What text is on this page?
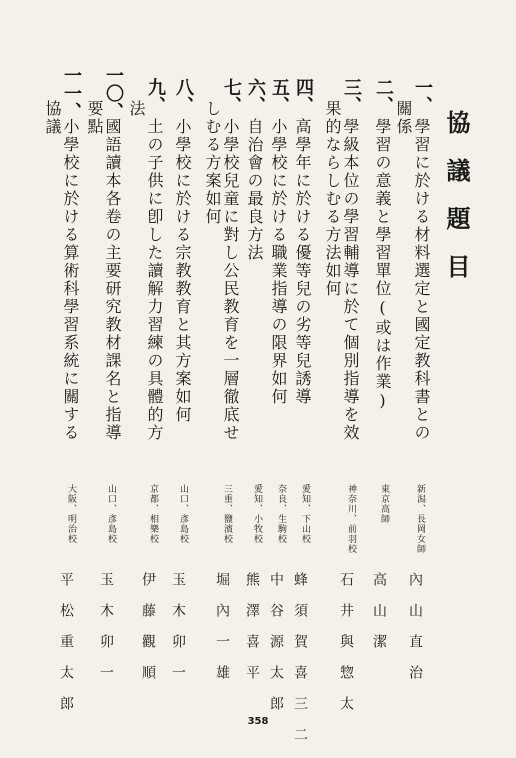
協議題目
一、
學習に於ける材料選定と國定教科書との
關係
二、
學習の意義と學習單位(或は作業)
三、
學級本位の學習輔導に於て個別指導を效
果的ならしむる方法如何
四、
高學年に於ける優等兒の劣等兒誘導
五、
小學校に於ける職業指導の限界如何
六、
自治會の最良方法
七、
小學校兒童に對し公民教育を一層徹底せ
しむる方案如何
八、
小學校に於ける宗教教育と其方案如何
九、
土の子供に卽した讀解力習練の具體的方
法
一〇、
國語讀本各卷の主要研究教材課名と指導
要點
一一、
小學校に於ける算術科學習系統に關する
協議
新潟、長岡女師
東京高師
神奈川、前羽校
愛知、下山校
奈良、生駒校
愛知、小牧校
三重、鹽濱校
山口、彥島校
京都、相樂校
山口、彥島校
大阪、明治校
內山直治
高山潔
石井與惣太
蜂須賀喜三二
中谷源太郎
熊澤喜平
堀內一雄
玉木卯一
伊藤觀順
玉木卯一
平松重太郎	358
